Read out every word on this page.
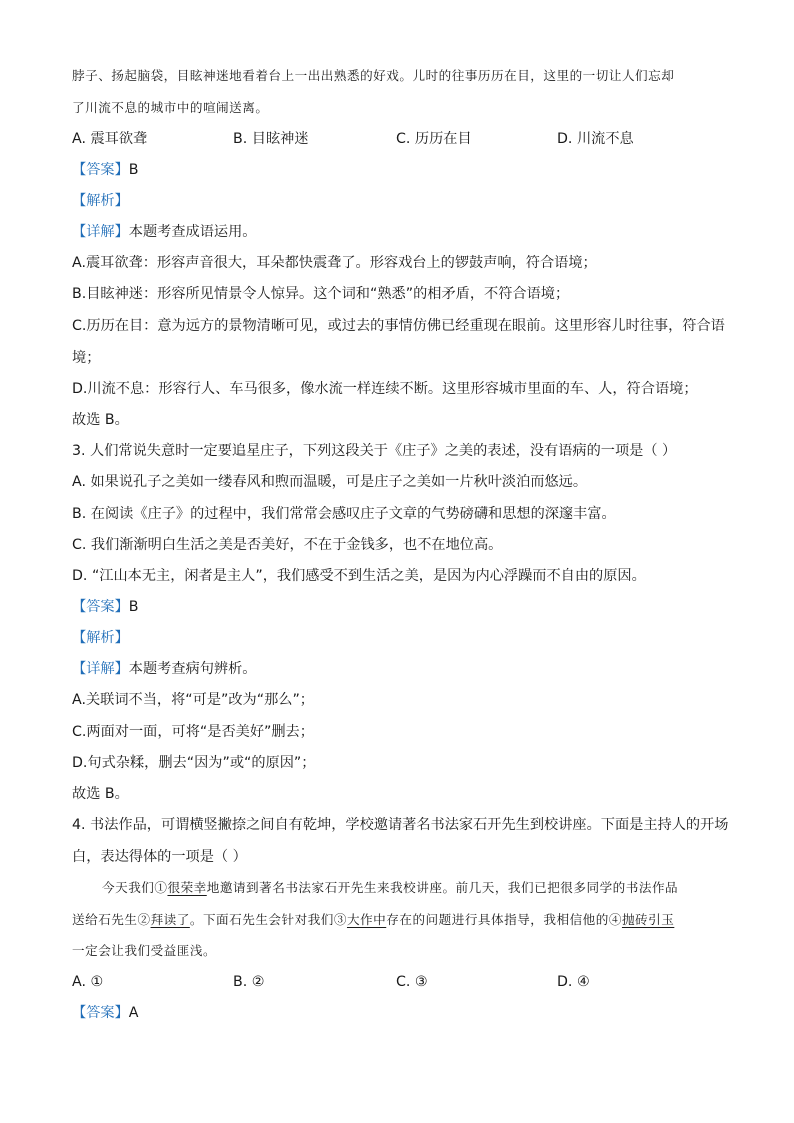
脖子、扬起脑袋，目眩神迷地看着台上一出出熟悉的好戏。儿时的往事历历在目，这里的一切让人们忘却
了川流不息的城市中的喧闹送离。
A. 震耳欲聋	B. 目眩神迷	C. 历历在目	D. 川流不息
【答案】B
【解析】
【详解】本题考查成语运用。
A.震耳欲聋：形容声音很大，耳朵都快震聋了。形容戏台上的锣鼓声响，符合语境；
B.目眩神迷：形容所见情景令人惊异。这个词和“熟悉”的相矛盾，不符合语境；
C.历历在目：意为远方的景物清晰可见，或过去的事情仿佛已经重现在眼前。这里形容儿时往事，符合语
境；
D.川流不息：形容行人、车马很多，像水流一样连续不断。这里形容城市里面的车、人，符合语境；
故选 B。
3. 人们常说失意时一定要追星庄子，下列这段关于《庄子》之美的表述，没有语病的一项是（ ）
A. 如果说孔子之美如一缕春风和煦而温暖，可是庄子之美如一片秋叶淡泊而悠远。
B. 在阅读《庄子》的过程中，我们常常会感叹庄子文章的气势磅礴和思想的深邃丰富。
C. 我们渐渐明白生活之美是否美好，不在于金钱多，也不在地位高。
D. “江山本无主，闲者是主人”，我们感受不到生活之美，是因为内心浮躁而不自由的原因。
【答案】B
【解析】
【详解】本题考查病句辨析。
A.关联词不当，将“可是”改为“那么”；
C.两面对一面，可将“是否美好”删去；
D.句式杂糅，删去“因为”或“的原因”；
故选 B。
4. 书法作品，可谓横竖撇捺之间自有乾坤，学校邀请著名书法家石开先生到校讲座。下面是主持人的开场
白，表达得体的一项是（ ）
今天我们①很荣幸地邀请到著名书法家石开先生来我校讲座。前几天，我们已把很多同学的书法作品
送给石先生②拜读了。下面石先生会针对我们③大作中存在的问题进行具体指导，我相信他的④抛砖引玉
一定会让我们受益匪浅。
A. ①	B. ②	C. ③	D. ④
【答案】A
